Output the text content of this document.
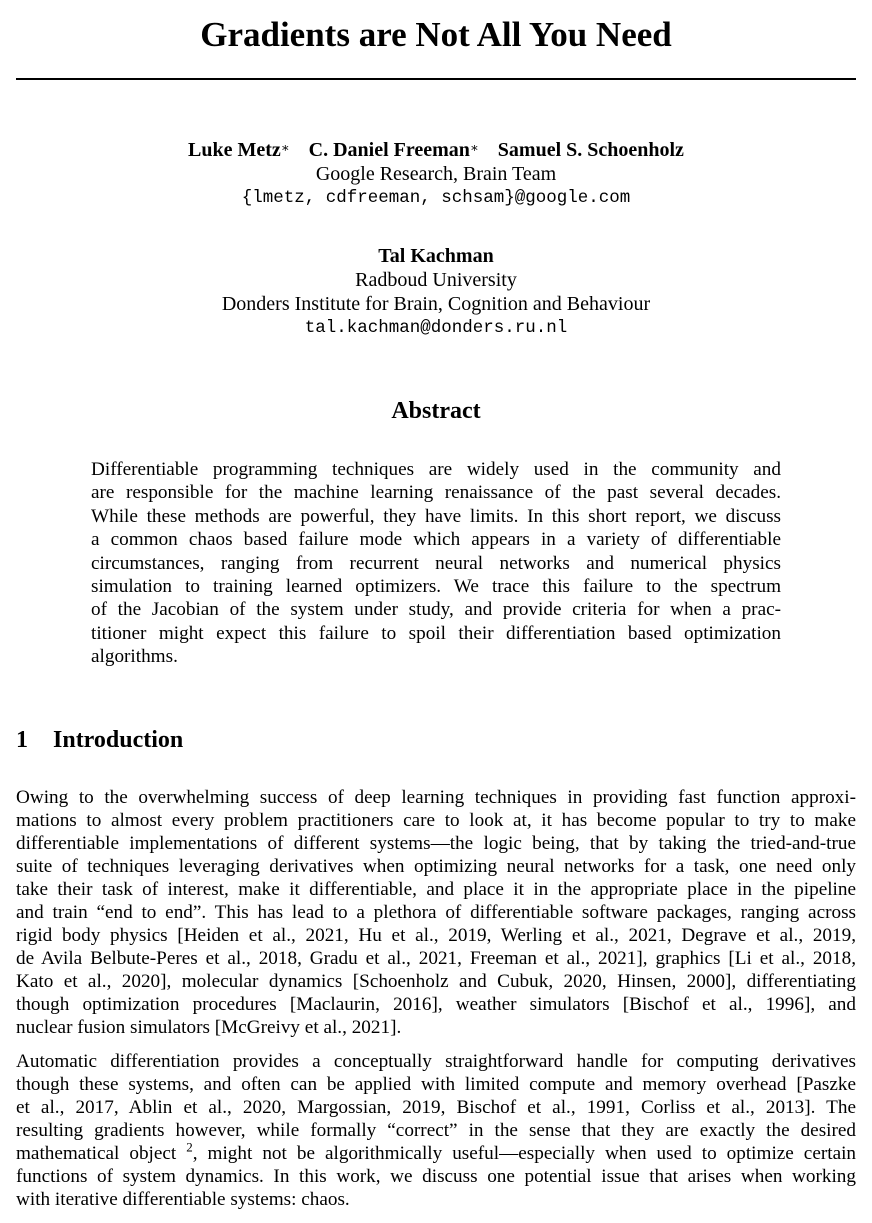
Gradients are Not All You Need
Luke Metz∗ C. Daniel Freeman∗ Samuel S. Schoenholz
Google Research, Brain Team
{lmetz, cdfreeman, schsam}@google.com
Tal Kachman
Radboud University
Donders Institute for Brain, Cognition and Behaviour
tal.kachman@donders.ru.nl
Abstract
Differentiable programming techniques are widely used in the community and
are responsible for the machine learning renaissance of the past several decades.
While these methods are powerful, they have limits. In this short report, we discuss
a common chaos based failure mode which appears in a variety of differentiable
circumstances, ranging from recurrent neural networks and numerical physics
simulation to training learned optimizers. We trace this failure to the spectrum
of the Jacobian of the system under study, and provide criteria for when a prac-
titioner might expect this failure to spoil their differentiation based optimization
algorithms.
1 Introduction
Owing to the overwhelming success of deep learning techniques in providing fast function approxi-
mations to almost every problem practitioners care to look at, it has become popular to try to make
differentiable implementations of different systems—the logic being, that by taking the tried-and-true
suite of techniques leveraging derivatives when optimizing neural networks for a task, one need only
take their task of interest, make it differentiable, and place it in the appropriate place in the pipeline
and train “end to end”. This has lead to a plethora of differentiable software packages, ranging across
rigid body physics [Heiden et al., 2021, Hu et al., 2019, Werling et al., 2021, Degrave et al., 2019,
de Avila Belbute-Peres et al., 2018, Gradu et al., 2021, Freeman et al., 2021], graphics [Li et al., 2018,
Kato et al., 2020], molecular dynamics [Schoenholz and Cubuk, 2020, Hinsen, 2000], differentiating
though optimization procedures [Maclaurin, 2016], weather simulators [Bischof et al., 1996], and
nuclear fusion simulators [McGreivy et al., 2021].
Automatic differentiation provides a conceptually straightforward handle for computing derivatives
though these systems, and often can be applied with limited compute and memory overhead [Paszke
et al., 2017, Ablin et al., 2020, Margossian, 2019, Bischof et al., 1991, Corliss et al., 2013]. The
resulting gradients however, while formally “correct” in the sense that they are exactly the desired
mathematical object $^2$, might not be algorithmically useful—especially when used to optimize certain
functions of system dynamics. In this work, we discuss one potential issue that arises when working
with iterative differentiable systems: chaos.
